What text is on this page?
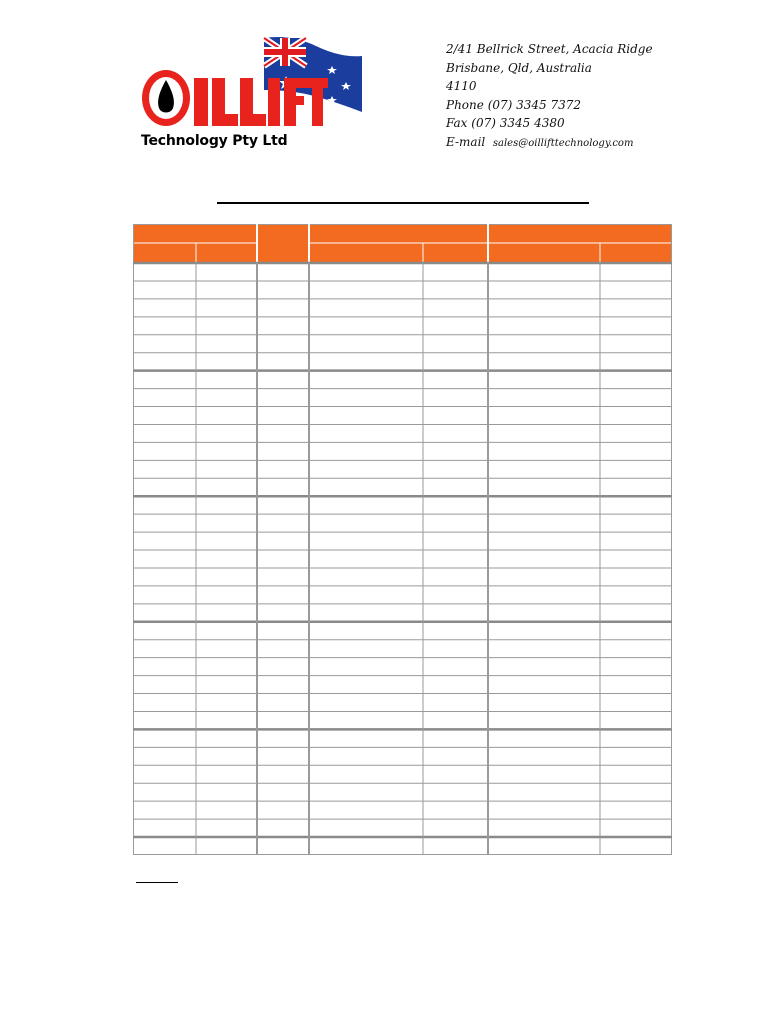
Technology Pty Ltd
2/41 Bellrick Street, Acacia Ridge
Brisbane, Qld, Australia
4110
Phone (07) 3345 7372
Fax (07) 3345 4380
E-mail sales@oillifttechnology.com
